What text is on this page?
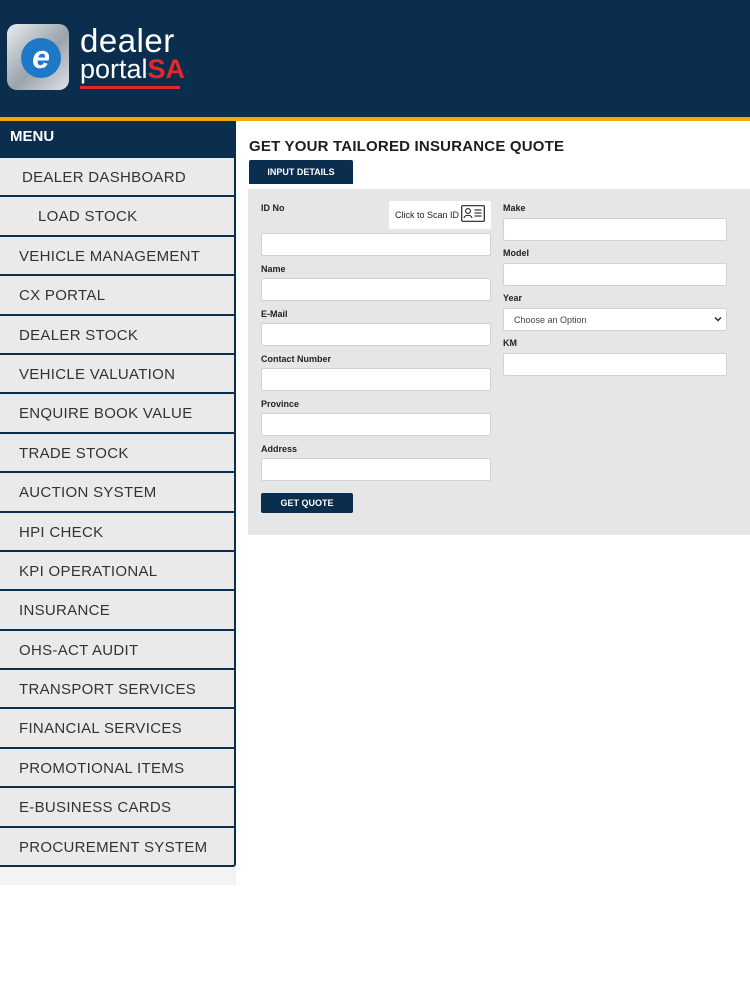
e dealer
portalSA
MENU
DEALER DASHBOARD
LOAD STOCK
VEHICLE MANAGEMENT
CX PORTAL
DEALER STOCK
VEHICLE VALUATION
ENQUIRE BOOK VALUE
TRADE STOCK
AUCTION SYSTEM
HPI CHECK
KPI OPERATIONAL
INSURANCE
OHS-ACT AUDIT
TRANSPORT SERVICES
FINANCIAL SERVICES
PROMOTIONAL ITEMS
E-BUSINESS CARDS
PROCUREMENT SYSTEM
GET YOUR TAILORED INSURANCE QUOTE
INPUT DETAILS
ID No
Click to Scan ID
Name
E-Mail
Contact Number
Province
Address
GET QUOTE
Make
Model
Year
Choose an Option
KM
